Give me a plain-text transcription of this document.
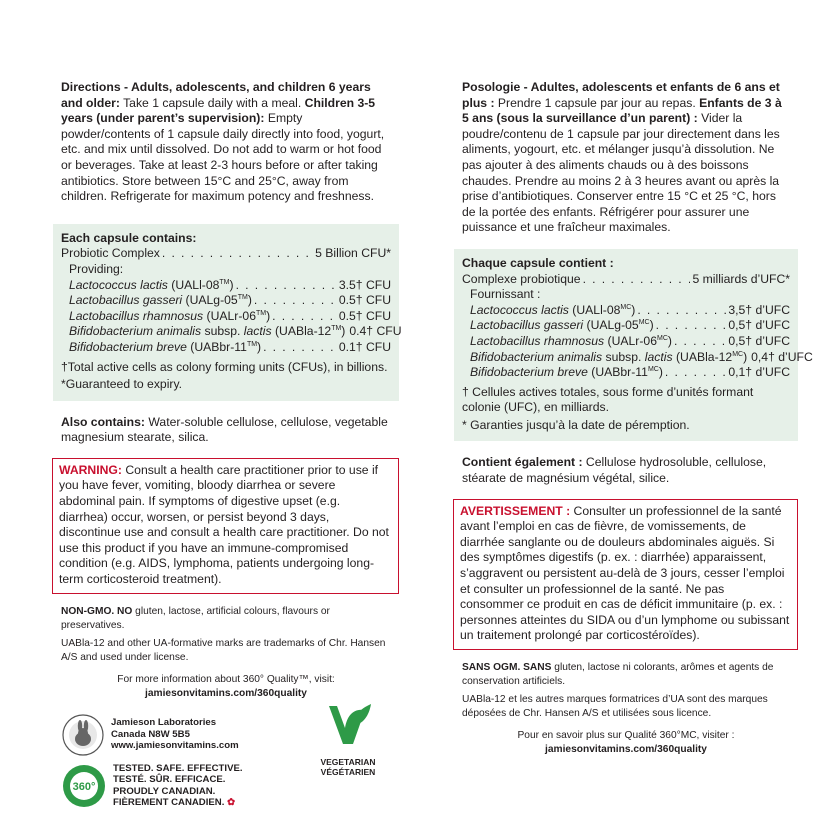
Directions - Adults, adolescents, and children 6 years and older: Take 1 capsule daily with a meal. Children 3-5 years (under parent’s supervision): Empty powder/contents of 1 capsule daily directly into food, yogurt, etc. and mix until dissolved. Do not add to warm or hot food or beverages. Take at least 2-3 hours before or after taking antibiotics. Store between 15°C and 25°C, away from children. Refrigerate for maximum potency and freshness.

Each capsule contains:

Probiotic Complex . . .	5 Billion CFU*

Providing:

Lactococcus lactis (UALl-08™) . . .	3.5† CFU
Lactobacillus gasseri (UALg-05™) . . .	0.5† CFU
Lactobacillus rhamnosus (UALr-06™) . . .	0.5† CFU
Bifidobacterium animalis subsp. lactis (UABla-12™) 0.4† CFU
Bifidobacterium breve (UABbr-11™) . . .	0.1† CFU

†Total active cells as colony forming units (CFUs), in billions.

*Guaranteed to expiry.

Also contains: Water-soluble cellulose, cellulose, vegetable magnesium stearate, silica.

WARNING: Consult a health care practitioner prior to use if you have fever, vomiting, bloody diarrhea or severe abdominal pain. If symptoms of digestive upset (e.g. diarrhea) occur, worsen, or persist beyond 3 days, discontinue use and consult a health care practitioner. Do not use this product if you have an immune-compromised condition (e.g. AIDS, lymphoma, patients undergoing long-term corticosteroid treatment).

NON-GMO. NO gluten, lactose, artificial colours, flavours or preservatives.

UABla-12 and other UA-formative marks are trademarks of Chr. Hansen A/S and used under license.

For more information about 360° Quality™, visit:

jamiesonvitamins.com/360quality

Jamieson Laboratories
Canada N8W 5B5
www.jamiesonvitamins.com
360°
TESTED. SAFE. EFFECTIVE.
TESTÉ. SÛR. EFFICACE.
PROUDLY CANADIAN.
FIÈREMENT CANADIEN. ✿
VEGETARIAN
VÉGÉTARIEN

Posologie - Adultes, adolescents et enfants de 6 ans et plus : Prendre 1 capsule par jour au repas. Enfants de 3 à 5 ans (sous la surveillance d’un parent) : Vider la poudre/contenu de 1 capsule par jour directement dans les aliments, yogourt, etc. et mélanger jusqu’à dissolution. Ne pas ajouter à des aliments chauds ou à des boissons chaudes. Prendre au moins 2 à 3 heures avant ou après la prise d’antibiotiques. Conserver entre 15 °C et 25 °C, hors de la portée des enfants. Réfrigérer pour assurer une puissance et une fraîcheur maximales.

Chaque capsule contient :

Complexe probiotique . . .	5 milliards d’UFC*

Fournissant :

Lactococcus lactis $(UALl-08^{MC})$ . . .	3,5† d’UFC
Lactobacillus gasseri $(UALg-05^{MC})$ . . .	0,5† d’UFC
Lactobacillus rhamnosus $(UALr-06^{MC})$ . . .	0,5† d’UFC
Bifidobacterium animalis subsp. lactis $(UABla-12^{MC})$ 0,4† d’UFC
Bifidobacterium breve $(UABbr-11^{MC})$ . . .	0,1† d’UFC

† Cellules actives totales, sous forme d’unités formant colonie (UFC), en milliards.

* Garanties jusqu’à la date de péremption.

Contient également : Cellulose hydrosoluble, cellulose, stéarate de magnésium végétal, silice.

AVERTISSEMENT : Consulter un professionnel de la santé avant l’emploi en cas de fièvre, de vomissements, de diarrhée sanglante ou de douleurs abdominales aiguës. Si des symptômes digestifs (p. ex. : diarrhée) apparaissent, s’aggravent ou persistent au-delà de 3 jours, cesser l’emploi et consulter un professionnel de la santé. Ne pas consommer ce produit en cas de déficit immunitaire (p. ex. : personnes atteintes du SIDA ou d’un lymphome ou subissant un traitement prolongé par corticostéroïdes).

SANS OGM. SANS gluten, lactose ni colorants, arômes et agents de conservation artificiels.

UABla-12 et les autres marques formatrices d’UA sont des marques déposées de Chr. Hansen A/S et utilisées sous licence.

Pour en savoir plus sur Qualité 360°MC, visiter :

jamiesonvitamins.com/360quality
